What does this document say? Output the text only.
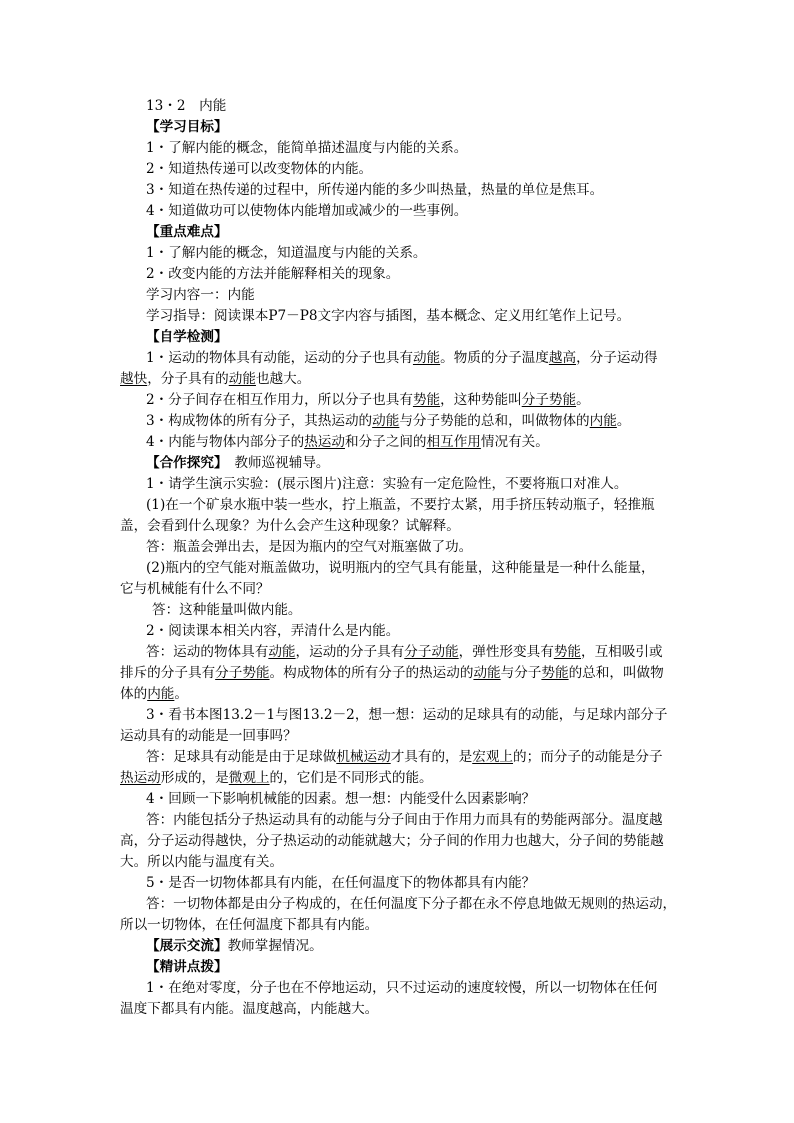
13・2　内能
【学习目标】
1・了解内能的概念，能简单描述温度与内能的关系。
2・知道热传递可以改变物体的内能。
3・知道在热传递的过程中，所传递内能的多少叫热量，热量的单位是焦耳。
4・知道做功可以使物体内能增加或减少的一些事例。
【重点难点】
1・了解内能的概念，知道温度与内能的关系。
2・改变内能的方法并能解释相关的现象。
学习内容一：内能
学习指导：阅读课本P7－P8文字内容与插图，基本概念、定义用红笔作上记号。
【自学检测】
1・运动的物体具有动能，运动的分子也具有动能。物质的分子温度越高，分子运动得
越快，分子具有的动能也越大。
2・分子间存在相互作用力，所以分子也具有势能，这种势能叫分子势能。
3・构成物体的所有分子，其热运动的动能与分子势能的总和，叫做物体的内能。
4・内能与物体内部分子的热运动和分子之间的相互作用情况有关。
【合作探究】　教师巡视辅导。
1・请学生演示实验：(展示图片)注意：实验有一定危险性，不要将瓶口对准人。
(1)在一个矿泉水瓶中装一些水，拧上瓶盖，不要拧太紧，用手挤压转动瓶子，轻推瓶
盖，会看到什么现象？为什么会产生这种现象？试解释。
答：瓶盖会弹出去，是因为瓶内的空气对瓶塞做了功。
(2)瓶内的空气能对瓶盖做功，说明瓶内的空气具有能量，这种能量是一种什么能量，
它与机械能有什么不同？
答：这种能量叫做内能。
2・阅读课本相关内容，弄清什么是内能。
答：运动的物体具有动能，运动的分子具有分子动能，弹性形变具有势能，互相吸引或
排斥的分子具有分子势能。构成物体的所有分子的热运动的动能与分子势能的总和，叫做物
体的内能。
3・看书本图13.2－1与图13.2－2，想一想：运动的足球具有的动能，与足球内部分子
运动具有的动能是一回事吗？
答：足球具有动能是由于足球做机械运动才具有的，是宏观上的；而分子的动能是分子
热运动形成的，是微观上的，它们是不同形式的能。
4・回顾一下影响机械能的因素。想一想：内能受什么因素影响？
答：内能包括分子热运动具有的动能与分子间由于作用力而具有的势能两部分。温度越
高，分子运动得越快，分子热运动的动能就越大；分子间的作用力也越大，分子间的势能越
大。所以内能与温度有关。
5・是否一切物体都具有内能，在任何温度下的物体都具有内能？
答：一切物体都是由分子构成的，在任何温度下分子都在永不停息地做无规则的热运动，
所以一切物体，在任何温度下都具有内能。
【展示交流】教师掌握情况。
【精讲点拨】
1・在绝对零度，分子也在不停地运动，只不过运动的速度较慢，所以一切物体在任何
温度下都具有内能。温度越高，内能越大。
